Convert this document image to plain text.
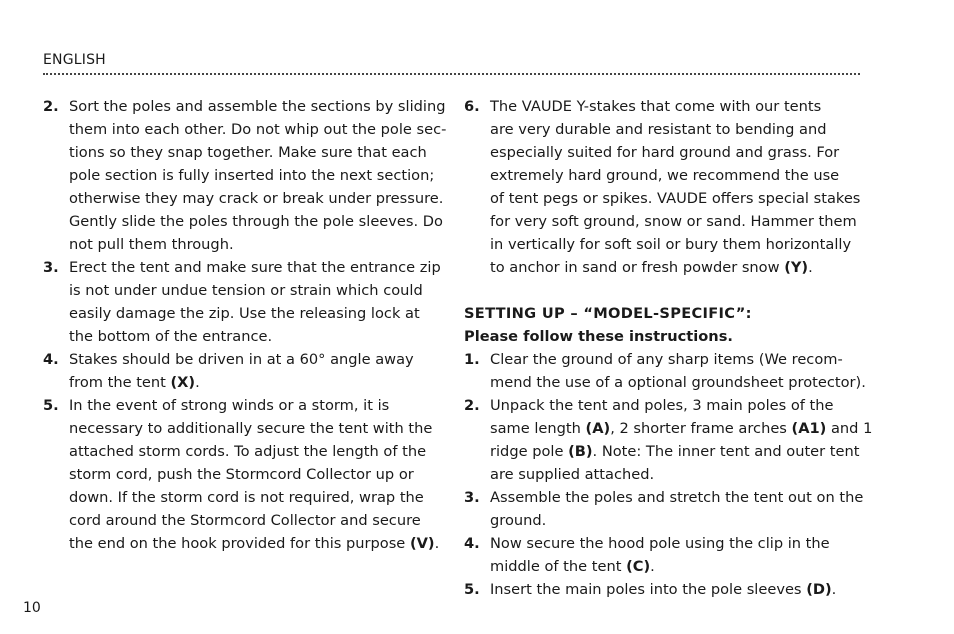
ENGLISH
2. Sort the poles and assemble the sections by sliding
them into each other. Do not whip out the pole sec-
tions so they snap together. Make sure that each
pole section is fully inserted into the next section;
otherwise they may crack or break under pressure.
Gently slide the poles through the pole sleeves. Do
not pull them through.
3. Erect the tent and make sure that the entrance zip
is not under undue tension or strain which could
easily damage the zip. Use the releasing lock at
the bottom of the entrance.
4. Stakes should be driven in at a 60° angle away
from the tent (X).
5. In the event of strong winds or a storm, it is
necessary to additionally secure the tent with the
attached storm cords. To adjust the length of the
storm cord, push the Stormcord Collector up or
down. If the storm cord is not required, wrap the
cord around the Stormcord Collector and secure
the end on the hook provided for this purpose (V).
6. The VAUDE Y-stakes that come with our tents
are very durable and resistant to bending and
especially suited for hard ground and grass. For
extremely hard ground, we recommend the use
of tent pegs or spikes. VAUDE offers special stakes
for very soft ground, snow or sand. Hammer them
in vertically for soft soil or bury them horizontally
to anchor in sand or fresh powder snow (Y).
SETTING UP – “MODEL-SPECIFIC”:
Please follow these instructions.
1. Clear the ground of any sharp items (We recom-
mend the use of a optional groundsheet protector).
2. Unpack the tent and poles, 3 main poles of the
same length (A), 2 shorter frame arches (A1) and 1
ridge pole (B). Note: The inner tent and outer tent
are supplied attached.
3. Assemble the poles and stretch the tent out on the
ground.
4. Now secure the hood pole using the clip in the
middle of the tent (C).
5. Insert the main poles into the pole sleeves (D).
10
